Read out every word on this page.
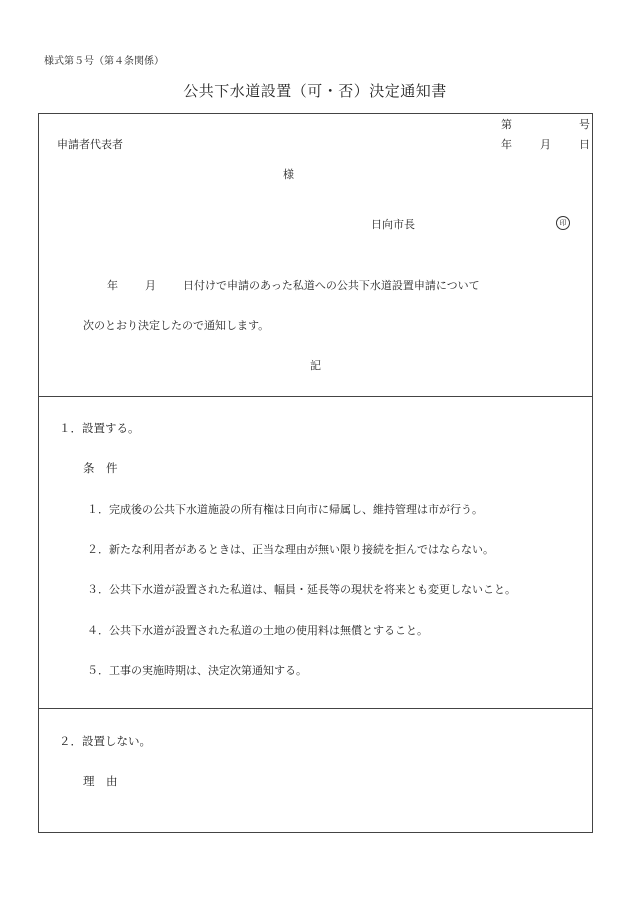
様式第５号（第４条関係）
公共下水道設置（可・否）決定通知書
第	号
年	月	日
申請者代表者
様
日向市長	印
年 月 日付けで申請のあった私道への公共下水道設置申請について
次のとおり決定したので通知します。
記
１．設置する。
条　件
１．完成後の公共下水道施設の所有権は日向市に帰属し、維持管理は市が行う。
２．新たな利用者があるときは、正当な理由が無い限り接続を拒んではならない。
３．公共下水道が設置された私道は、幅員・延長等の現状を将来とも変更しないこと。
４．公共下水道が設置された私道の土地の使用料は無償とすること。
５．工事の実施時期は、決定次第通知する。
２．設置しない。
理　由
